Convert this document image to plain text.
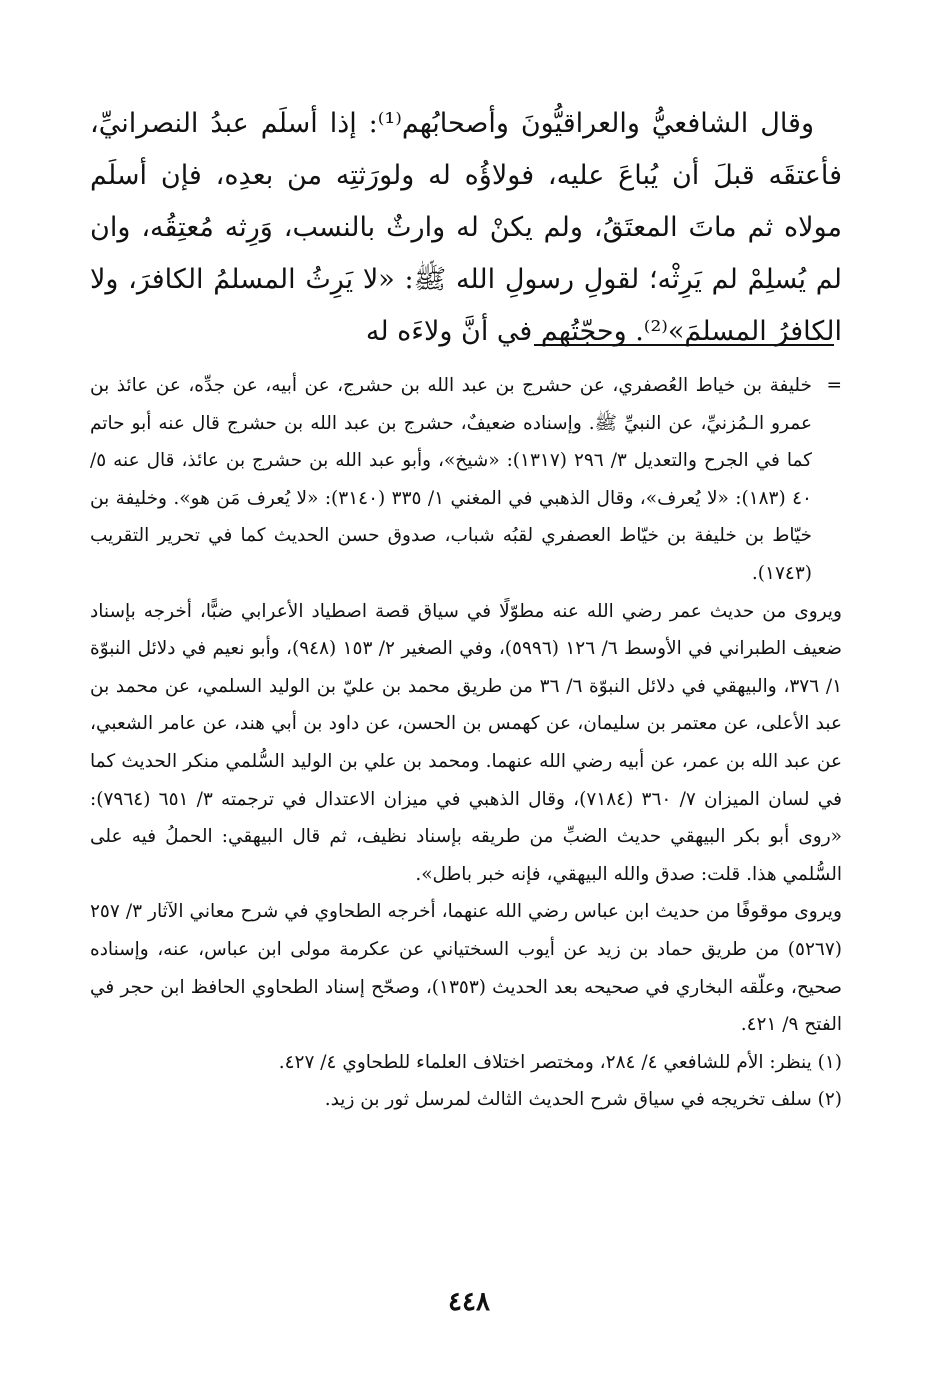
وقال الشافعيُّ والعراقيُّونَ وأصحابُهم⁽¹⁾: إذا أسلَم عبدُ النصرانيِّ، فأعتقَه قبلَ أن يُباعَ عليه، فولاؤُه له ولورَثتِه من بعدِه، فإن أسلَم مولاه ثم ماتَ المعتَقُ، ولم يكنْ له وارثٌ بالنسب، وَرِثه مُعتِقُه، وان لم يُسلِمْ لم يَرِثْه؛ لقولِ رسولِ الله ﷺ: «لا يَرِثُ المسلمُ الكافرَ، ولا الكافرُ المسلمَ»⁽²⁾. وحجّتُهم في أنَّ ولاءَه له

=
خليفة بن خياط العُصفري، عن حشرج بن عبد الله بن حشرج، عن أبيه، عن جدِّه، عن عائذ بن عمرو الـمُزنيِّ، عن النبيِّ ﷺ. وإسناده ضعيفٌ، حشرج بن عبد الله بن حشرج قال عنه أبو حاتم كما في الجرح والتعديل ٣/ ٢٩٦ (١٣١٧): «شيخ»، وأبو عبد الله بن حشرج بن عائذ، قال عنه ٥/ ٤٠ (١٨٣): «لا يُعرف»، وقال الذهبي في المغني ١/ ٣٣٥ (٣١٤٠): «لا يُعرف مَن هو». وخليفة بن خيّاط بن خليفة بن خيّاط العصفري لقبُه شباب، صدوق حسن الحديث كما في تحرير التقريب (١٧٤٣).

ويروى من حديث عمر رضي الله عنه مطوّلًا في سياق قصة اصطياد الأعرابي ضبًّا، أخرجه بإسناد ضعيف الطبراني في الأوسط ٦/ ١٢٦ (٥٩٩٦)، وفي الصغير ٢/ ١٥٣ (٩٤٨)، وأبو نعيم في دلائل النبوّة ١/ ٣٧٦، والبيهقي في دلائل النبوّة ٦/ ٣٦ من طريق محمد بن عليّ بن الوليد السلمي، عن محمد بن عبد الأعلى، عن معتمر بن سليمان، عن كهمس بن الحسن، عن داود بن أبي هند، عن عامر الشعبي، عن عبد الله بن عمر، عن أبيه رضي الله عنهما. ومحمد بن علي بن الوليد السُّلمي منكر الحديث كما في لسان الميزان ٧/ ٣٦٠ (٧١٨٤)، وقال الذهبي في ميزان الاعتدال في ترجمته ٣/ ٦٥١ (٧٩٦٤): «روى أبو بكر البيهقي حديث الضبِّ من طريقه بإسناد نظيف، ثم قال البيهقي: الحملُ فيه على السُّلمي هذا. قلت: صدق والله البيهقي، فإنه خبر باطل».

ويروى موقوفًا من حديث ابن عباس رضي الله عنهما، أخرجه الطحاوي في شرح معاني الآثار ٣/ ٢٥٧ (٥٢٦٧) من طريق حماد بن زيد عن أيوب السختياني عن عكرمة مولى ابن عباس، عنه، وإسناده صحيح، وعلّقه البخاري في صحيحه بعد الحديث (١٣٥٣)، وصحّح إسناد الطحاوي الحافظ ابن حجر في الفتح ٩/ ٤٢١.

(١) ينظر: الأم للشافعي ٤/ ٢٨٤، ومختصر اختلاف العلماء للطحاوي ٤/ ٤٢٧.

(٢) سلف تخريجه في سياق شرح الحديث الثالث لمرسل ثور بن زيد.

٤٤٨
